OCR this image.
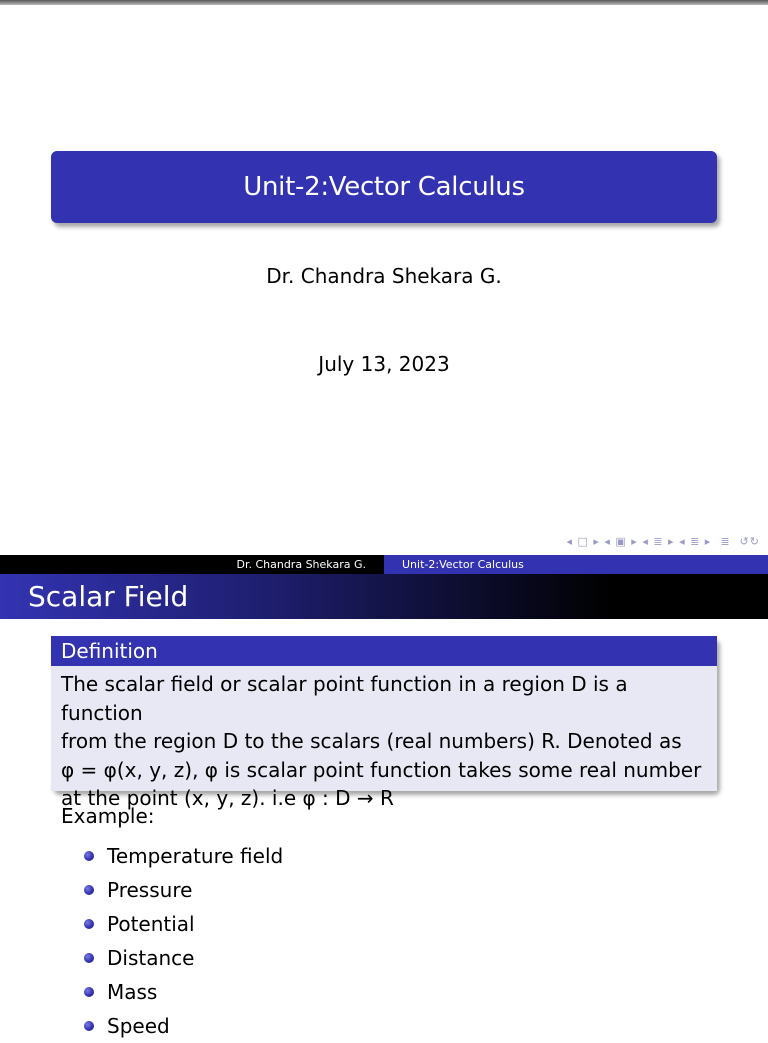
Unit-2:Vector Calculus
Dr. Chandra Shekara G.
July 13, 2023
◂ □ ▸ ◂ ▣ ▸ ◂ ≣ ▸ ◂ ≣ ▸  ≣  ↺↻
Dr. Chandra Shekara G.	Unit-2:Vector Calculus
Scalar Field
Definition
The scalar field or scalar point function in a region D is a function
from the region D to the scalars (real numbers) R. Denoted as
φ = φ(x, y, z), φ is scalar point function takes some real number
at the point (x, y, z). i.e φ : D → R
Example:
Temperature field
Pressure
Potential
Distance
Mass
Speed
